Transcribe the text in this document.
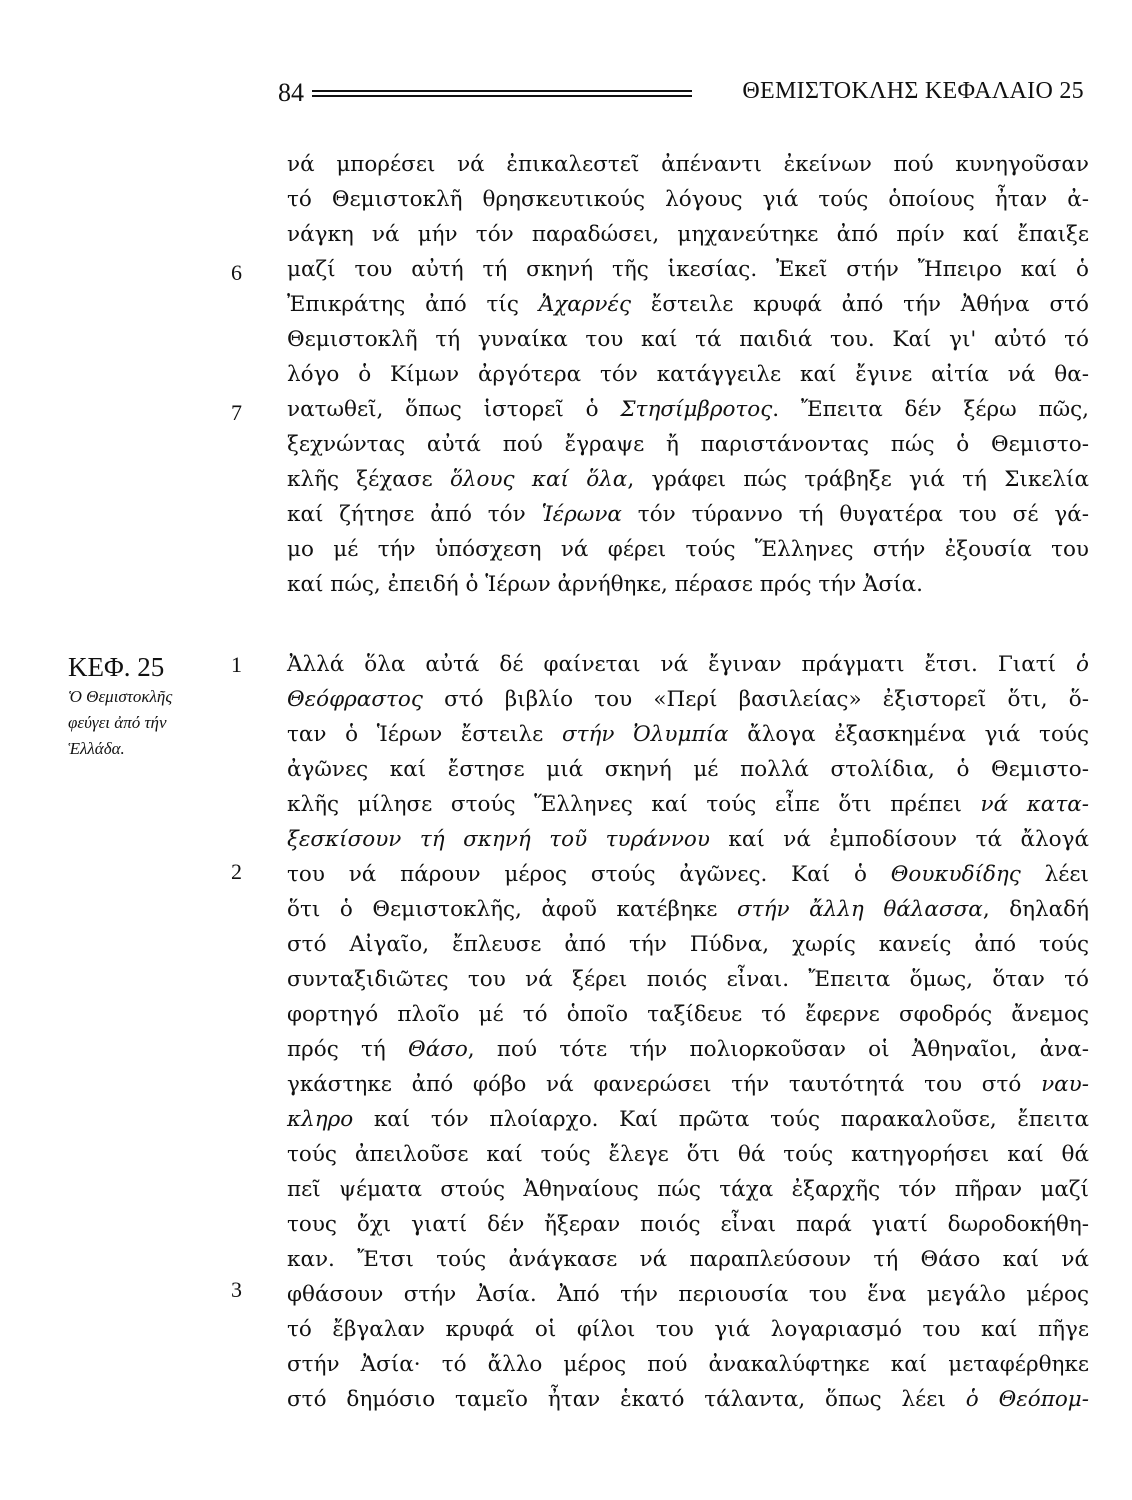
84	ΘΕΜΙΣΤΟΚΛΗΣ ΚΕΦΑΛΑΙΟ 25
νά μπορέσει νά ἐπικαλεστεῖ ἀπέναντι ἐκείνων πού κυνηγοῦσαν
τό Θεμιστοκλῆ θρησκευτικούς λόγους γιά τούς ὁποίους ἦταν ἀ-
νάγκη νά μήν τόν παραδώσει, μηχανεύτηκε ἀπό πρίν καί ἔπαιξε
μαζί του αὐτή τή σκηνή τῆς ἱκεσίας. Ἐκεῖ στήν Ἤπειρο καί ὁ
Ἐπικράτης ἀπό τίς Ἀχαρνές ἔστειλε κρυφά ἀπό τήν Ἀθήνα στό
Θεμιστοκλῆ τή γυναίκα του καί τά παιδιά του. Καί γι' αὐτό τό
λόγο ὁ Κίμων ἀργότερα τόν κατάγγειλε καί ἔγινε αἰτία νά θα-
νατωθεῖ, ὅπως ἱστορεῖ ὁ Στησίμβροτος. Ἔπειτα δέν ξέρω πῶς,
ξεχνώντας αὐτά πού ἔγραψε ἤ παριστάνοντας πώς ὁ Θεμιστο-
κλῆς ξέχασε ὅλους καί ὅλα, γράφει πώς τράβηξε γιά τή Σικελία
καί ζήτησε ἀπό τόν Ἱέρωνα τόν τύραννο τή θυγατέρα του σέ γά-
μο μέ τήν ὑπόσχεση νά φέρει τούς Ἕλληνες στήν ἐξουσία του
καί πώς, ἐπειδή ὁ Ἱέρων ἀρνήθηκε, πέρασε πρός τήν Ἀσία.
6
7
1
2
3
ΚΕΦ. 25
Ὁ Θεμιστοκλῆς
φεύγει ἀπό τήν
Ἑλλάδα.
Ἀλλά ὅλα αὐτά δέ φαίνεται νά ἔγιναν πράγματι ἔτσι. Γιατί ὁ
Θεόφραστος στό βιβλίο του «Περί βασιλείας» ἐξιστορεῖ ὅτι, ὅ-
ταν ὁ Ἱέρων ἔστειλε στήν Ὀλυμπία ἄλογα ἐξασκημένα γιά τούς
ἀγῶνες καί ἔστησε μιά σκηνή μέ πολλά στολίδια, ὁ Θεμιστο-
κλῆς μίλησε στούς Ἕλληνες καί τούς εἶπε ὅτι πρέπει νά κατα-
ξεσκίσουν τή σκηνή τοῦ τυράννου καί νά ἐμποδίσουν τά ἄλογά
του νά πάρουν μέρος στούς ἀγῶνες. Καί ὁ Θουκυδίδης λέει
ὅτι ὁ Θεμιστοκλῆς, ἀφοῦ κατέβηκε στήν ἄλλη θάλασσα, δηλαδή
στό Αἰγαῖο, ἔπλευσε ἀπό τήν Πύδνα, χωρίς κανείς ἀπό τούς
συνταξιδιῶτες του νά ξέρει ποιός εἶναι. Ἔπειτα ὅμως, ὅταν τό
φορτηγό πλοῖο μέ τό ὁποῖο ταξίδευε τό ἔφερνε σφοδρός ἄνεμος
πρός τή Θάσο, πού τότε τήν πολιορκοῦσαν οἱ Ἀθηναῖοι, ἀνα-
γκάστηκε ἀπό φόβο νά φανερώσει τήν ταυτότητά του στό ναυ-
κληρο καί τόν πλοίαρχο. Καί πρῶτα τούς παρακαλοῦσε, ἔπειτα
τούς ἀπειλοῦσε καί τούς ἔλεγε ὅτι θά τούς κατηγορήσει καί θά
πεῖ ψέματα στούς Ἀθηναίους πώς τάχα ἐξαρχῆς τόν πῆραν μαζί
τους ὄχι γιατί δέν ἤξεραν ποιός εἶναι παρά γιατί δωροδοκήθη-
καν. Ἔτσι τούς ἀνάγκασε νά παραπλεύσουν τή Θάσο καί νά
φθάσουν στήν Ἀσία. Ἀπό τήν περιουσία του ἕνα μεγάλο μέρος
τό ἔβγαλαν κρυφά οἱ φίλοι του γιά λογαριασμό του καί πῆγε
στήν Ἀσία· τό ἄλλο μέρος πού ἀνακαλύφτηκε καί μεταφέρθηκε
στό δημόσιο ταμεῖο ἦταν ἑκατό τάλαντα, ὅπως λέει ὁ Θεόπομ-
